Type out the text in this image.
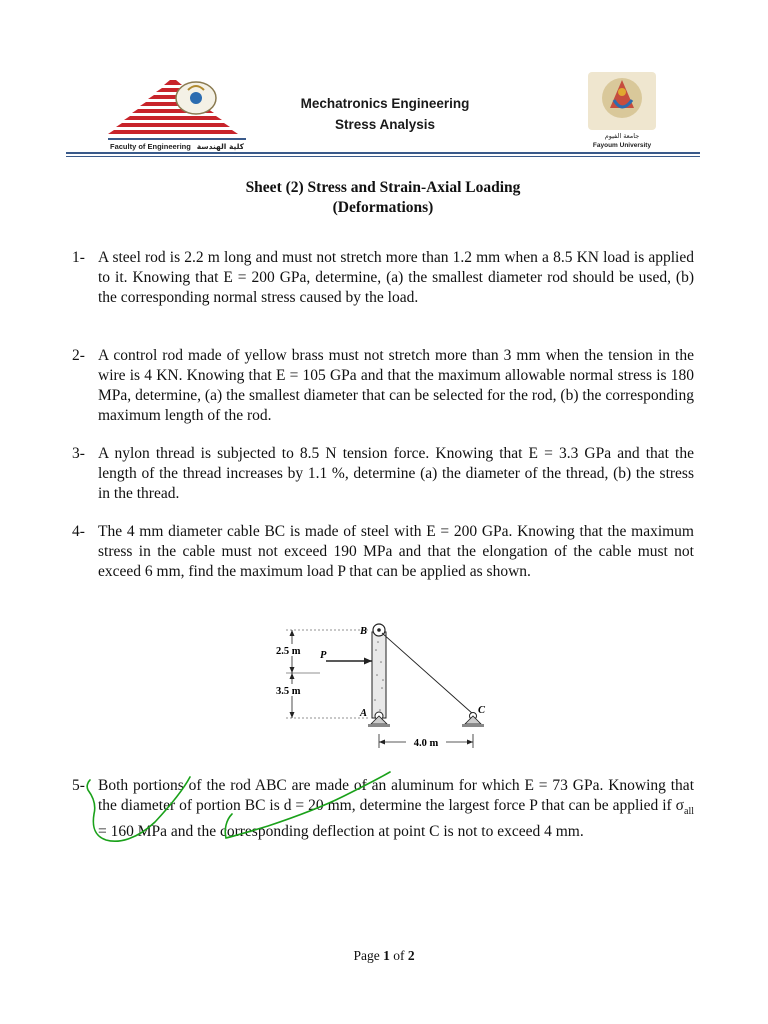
Faculty of Engineering كلية الهندسة
Mechatronics Engineering
Stress Analysis
جامعة الفيوم
Fayoum University
Sheet (2) Stress and Strain-Axial Loading
(Deformations)
1- A steel rod is 2.2 m long and must not stretch more than 1.2 mm when a 8.5 KN load is applied to it. Knowing that E = 200 GPa, determine, (a) the smallest diameter rod should be used, (b) the corresponding normal stress caused by the load.
2- A control rod made of yellow brass must not stretch more than 3 mm when the tension in the wire is 4 KN. Knowing that E = 105 GPa and that the maximum allowable normal stress is 180 MPa, determine, (a) the smallest diameter that can be selected for the rod, (b) the corresponding maximum length of the rod.
3- A nylon thread is subjected to 8.5 N tension force. Knowing that E = 3.3 GPa and that the length of the thread increases by 1.1 %, determine (a) the diameter of the thread, (b) the stress in the thread.
4- The 4 mm diameter cable BC is made of steel with E = 200 GPa. Knowing that the maximum stress in the cable must not exceed 190 MPa and that the elongation of the cable must not exceed 6 mm, find the maximum load P that can be applied as shown.
2.5 m
3.5 m
B
A
P
C
4.0 m
5- Both portions of the rod ABC are made of an aluminum for which E = 73 GPa. Knowing that the diameter of portion BC is d = 20 mm, determine the largest force P that can be applied if $\sigma_{all} = 160$ MPa and the corresponding deflection at point C is not to exceed 4 mm.
Page 1 of 2
